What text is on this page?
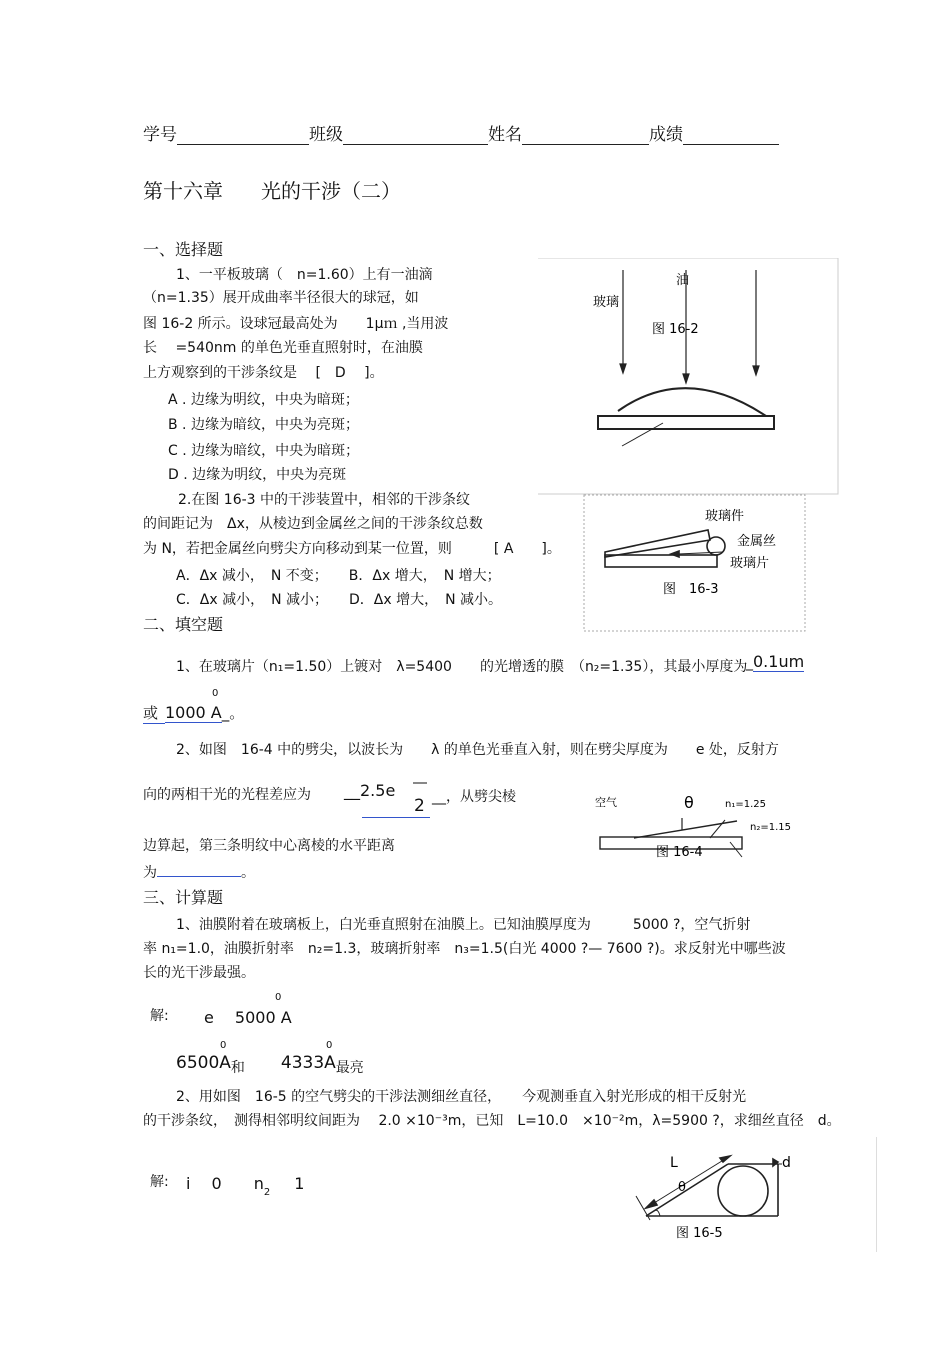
学号	班级	姓名	成绩
第十六章 光的干涉（二）
一、选择题
1、一平板玻璃（　n=1.60）上有一油滴
（n=1.35）展开成曲率半径很大的球冠，如
图 16-2 所示。设球冠最高处为　　1μｍ ,当用波
长　 =540nm 的单色光垂直照射时，在油膜
上方观察到的干涉条纹是　 [　D　 ]。
A . 边缘为明纹，中央为暗斑；
B . 边缘为暗纹，中央为亮斑；
C . 边缘为暗纹，中央为暗斑；
D . 边缘为明纹，中央为亮斑
油
玻璃
图 16-2
2.在图 16-3 中的干涉装置中，相邻的干涉条纹
的间距记为　Δx，从棱边到金属丝之间的干涉条纹总数
为 N，若把金属丝向劈尖方向移动到某一位置，则　　　[ A　　]。
A．Δx 减小，　N 不变；　　B．Δx 增大，　N 增大；
C．Δx 减小，　N 减小；　　D．Δx 增大，　N 减小。
玻璃件
金属丝
玻璃片
图　16-3
二、填空题
1、在玻璃片（n₁=1.50）上镀对　λ=5400　　的光增透的膜　（n₂=1.35），其最小厚度为
_0.1um
0
或 1000 A_。
2、如图　16-4 中的劈尖，以波长为　　λ 的单色光垂直入射，则在劈尖厚度为　　e 处，反射方
向的两相干光的光程差应为 __2.5e ―
2 __，从劈尖棱
边算起，第三条明纹中心离棱的水平距离
为	。
空气	θ	n₁=1.25
n₂=1.15
图 16-4
三、计算题
1、油膜附着在玻璃板上，白光垂直照射在油膜上。已知油膜厚度为　　　5000 ?，空气折射
率 n₁=1.0，油膜折射率　n₂=1.3，玻璃折射率　n₃=1.5(白光 4000 ?— 7600 ?)。求反射光中哪些波
长的光干涉最强。
解:
0
e　 5000 A
0	0
$6500A_和$ $4333A_{最亮}$
2、用如图　16-5 的空气劈尖的干涉法测细丝直径，　　今观测垂直入射光形成的相干反射光
的干涉条纹，　测得相邻明纹间距为　 2.0 ×10⁻³m，已知　L=10.0　×10⁻²m，λ=5900 ?，求细丝直径　d。
解: i　 0　　$n_2$ 1
L	d
θ
图 16-5
